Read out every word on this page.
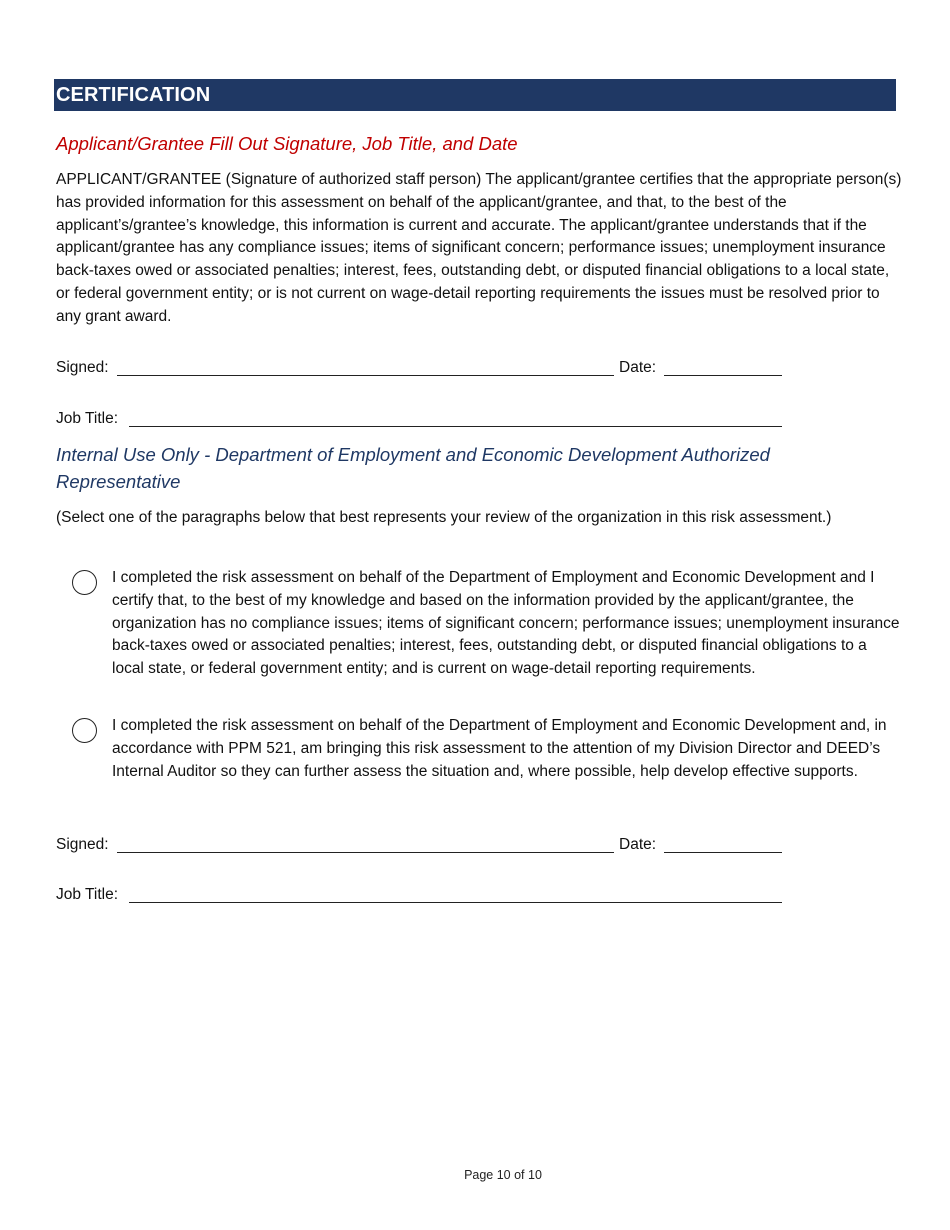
CERTIFICATION
Applicant/Grantee Fill Out Signature, Job Title, and Date
APPLICANT/GRANTEE (Signature of authorized staff person) The applicant/grantee certifies that the appropriate person(s) has provided information for this assessment on behalf of the applicant/grantee, and that, to the best of the applicant’s/grantee’s knowledge, this information is current and accurate. The applicant/grantee understands that if the applicant/grantee has any compliance issues; items of significant concern; performance issues; unemployment insurance back-taxes owed or associated penalties; interest, fees, outstanding debt, or disputed financial obligations to a local state, or federal government entity; or is not current on wage-detail reporting requirements the issues must be resolved prior to any grant award.
Signed:	Date:
Job Title:
Internal Use Only - Department of Employment and Economic Development Authorized Representative
(Select one of the paragraphs below that best represents your review of the organization in this risk assessment.)
I completed the risk assessment on behalf of the Department of Employment and Economic Development and I certify that, to the best of my knowledge and based on the information provided by the applicant/grantee, the organization has no compliance issues; items of significant concern; performance issues; unemployment insurance back-taxes owed or associated penalties; interest, fees, outstanding debt, or disputed financial obligations to a local state, or federal government entity; and is current on wage-detail reporting requirements.
I completed the risk assessment on behalf of the Department of Employment and Economic Development and, in accordance with PPM 521, am bringing this risk assessment to the attention of my Division Director and DEED’s Internal Auditor so they can further assess the situation and, where possible, help develop effective supports.
Signed:	Date:
Job Title:
Page 10 of 10
